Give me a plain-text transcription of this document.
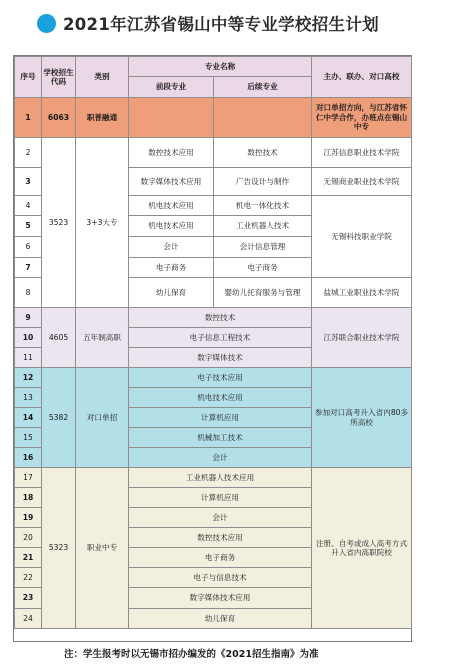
2021年江苏省锡山中等专业学校招生计划
序号	学校招生代码	类别	专业名称		主办、联办、对口高校
			前段专业	后续专业	
1	6063	职普融通			对口单招方向，与江苏省怀仁中学合作，办班点在锡山中专
2	3523	3+3大专	数控技术应用	数控技术	江苏信息职业技术学院
3			数字媒体技术应用	广告设计与制作	无锡商业职业技术学院
4			机电技术应用	机电一体化技术	无锡科技职业学院
5			机电技术应用	工业机器人技术	
6			会计	会计信息管理	
7			电子商务	电子商务	
8			幼儿保育	婴幼儿托育服务与管理	盐城工业职业技术学院
9	4605	五年制高职	数控技术		江苏联合职业技术学院
10			电子信息工程技术		
11			数字媒体技术		
12	5382	对口单招	电子技术应用		参加对口高考升入省内80多所高校
13			机电技术应用		
14			计算机应用		
15			机械加工技术		
16			会计		
17	5323	职业中专	工业机器人技术应用		注册、自考或成人高考方式升入省内高职院校
18			计算机应用		
19			会计		
20			数控技术应用		
21			电子商务		
22			电子与信息技术		
23			数字媒体技术应用		
24			幼儿保育		
注：学生报考时以无锡市招办编发的《2021招生指南》为准
